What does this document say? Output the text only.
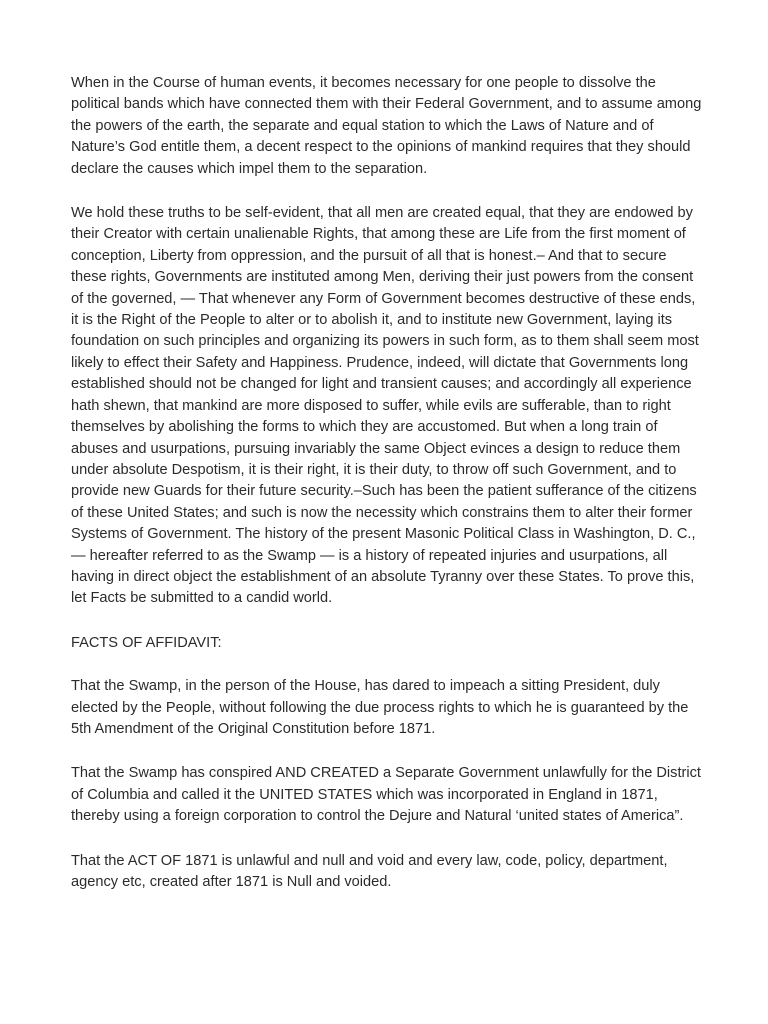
When in the Course of human events, it becomes necessary for one people to dissolve the political bands which have connected them with their Federal Government, and to assume among the powers of the earth, the separate and equal station to which the Laws of Nature and of Nature’s God entitle them, a decent respect to the opinions of mankind requires that they should declare the causes which impel them to the separation.

We hold these truths to be self-evident, that all men are created equal, that they are endowed by their Creator with certain unalienable Rights, that among these are Life from the first moment of conception, Liberty from oppression, and the pursuit of all that is honest.– And that to secure these rights, Governments are instituted among Men, deriving their just powers from the consent of the governed, — That whenever any Form of Government becomes destructive of these ends, it is the Right of the People to alter or to abolish it, and to institute new Government, laying its foundation on such principles and organizing its powers in such form, as to them shall seem most likely to effect their Safety and Happiness. Prudence, indeed, will dictate that Governments long established should not be changed for light and transient causes; and accordingly all experience hath shewn, that mankind are more disposed to suffer, while evils are sufferable, than to right themselves by abolishing the forms to which they are accustomed. But when a long train of abuses and usurpations, pursuing invariably the same Object evinces a design to reduce them under absolute Despotism, it is their right, it is their duty, to throw off such Government, and to provide new Guards for their future security.–Such has been the patient sufferance of the citizens of these United States; and such is now the necessity which constrains them to alter their former Systems of Government. The history of the present Masonic Political Class in Washington, D. C., — hereafter referred to as the Swamp — is a history of repeated injuries and usurpations, all having in direct object the establishment of an absolute Tyranny over these States. To prove this, let Facts be submitted to a candid world.

FACTS OF AFFIDAVIT:

That the Swamp, in the person of the House, has dared to impeach a sitting President, duly elected by the People, without following the due process rights to which he is guaranteed by the 5th Amendment of the Original Constitution before 1871.

That the Swamp has conspired AND CREATED a Separate Government unlawfully for the District of Columbia and called it the UNITED STATES which was incorporated in England in 1871, thereby using a foreign corporation to control the Dejure and Natural ‘united states of America”.

That the ACT OF 1871 is unlawful and null and void and every law, code, policy, department, agency etc, created after 1871 is Null and voided.
